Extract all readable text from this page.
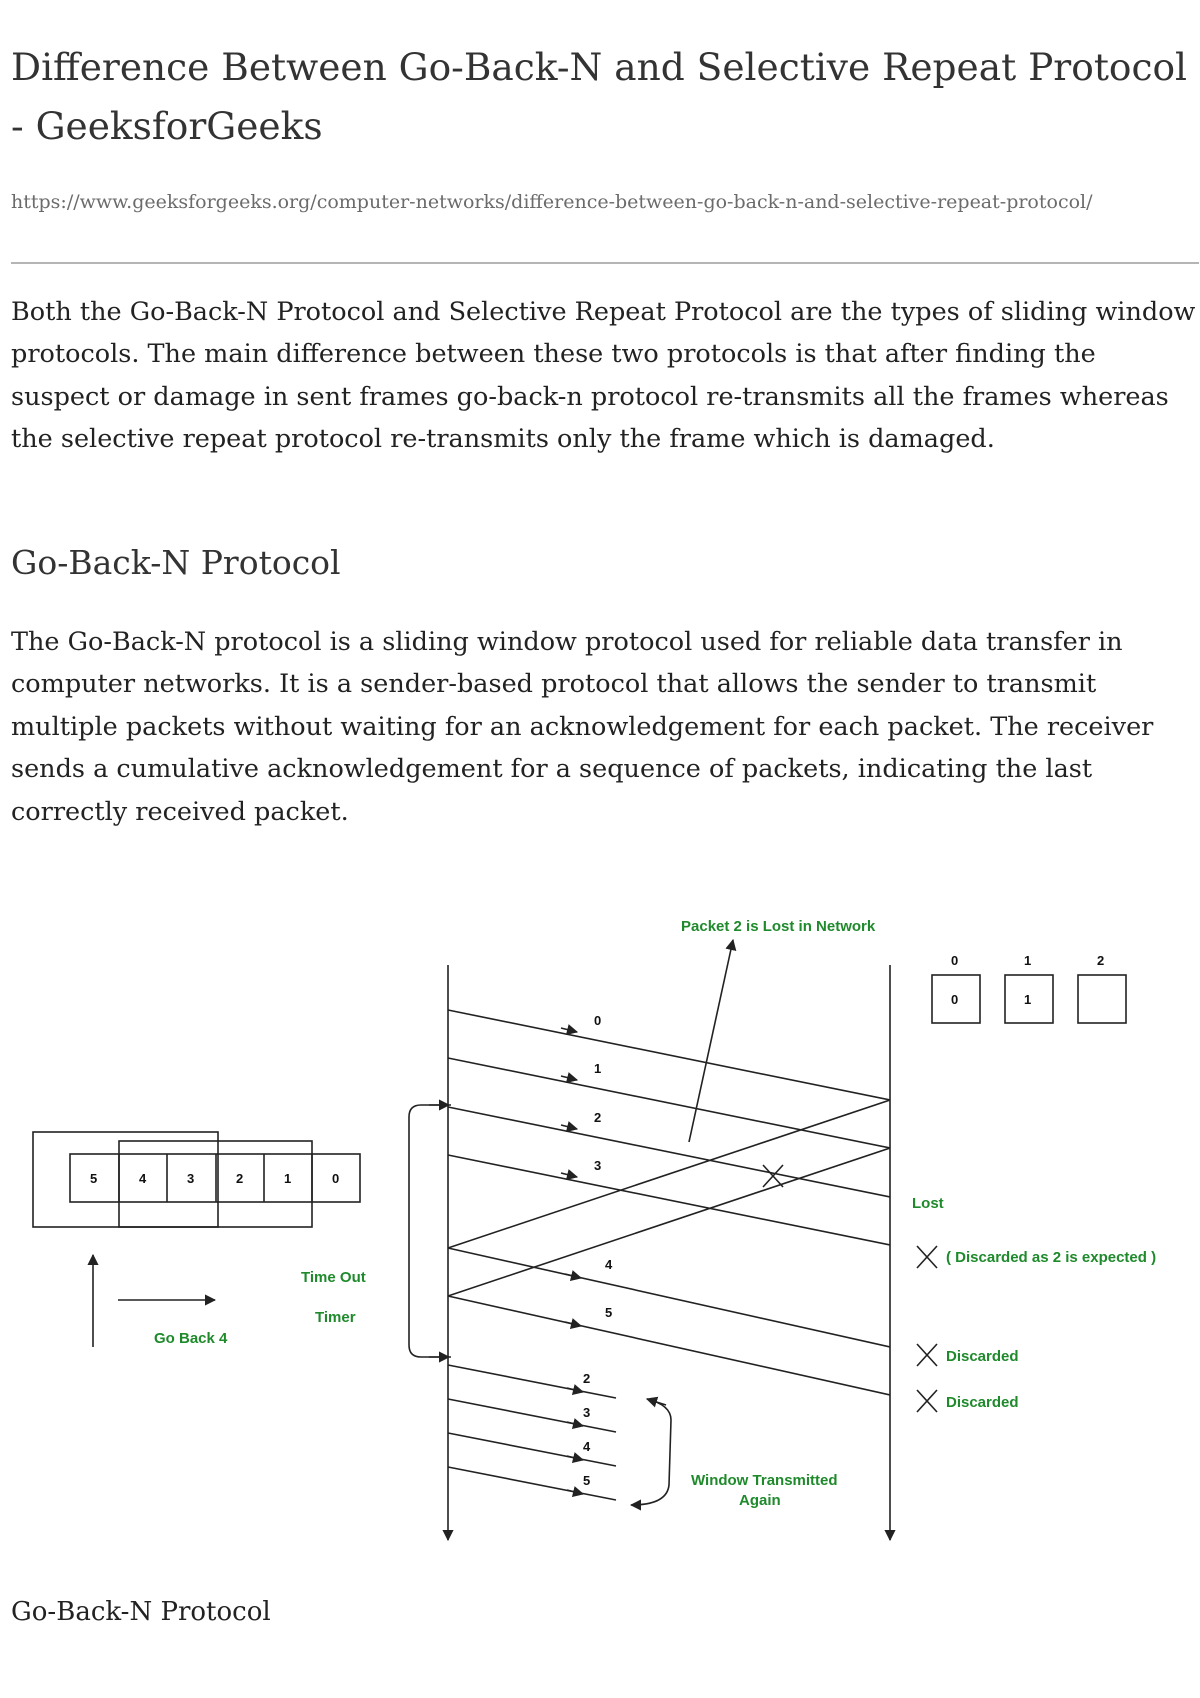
Difference Between Go-Back-N and Selective Repeat Protocol - GeeksforGeeks
https://www.geeksforgeeks.org/computer-networks/difference-between-go-back-n-and-selective-repeat-protocol/

Both the Go-Back-N Protocol and Selective Repeat Protocol are the types of sliding window protocols. The main difference between these two protocols is that after finding the suspect or damage in sent frames go-back-n protocol re-transmits all the frames whereas the selective repeat protocol re-transmits only the frame which is damaged.

Go-Back-N Protocol

The Go-Back-N protocol is a sliding window protocol used for reliable data transfer in computer networks. It is a sender-based protocol that allows the sender to transmit multiple packets without waiting for an acknowledgement for each packet. The receiver sends a cumulative acknowledgement for a sequence of packets, indicating the last correctly received packet.

Packet 2 is Lost in Network
Lost
( Discarded as 2 is expected )
Discarded
Discarded
Time Out
Timer
Go Back 4
Window Transmitted
Again
0	1	2
0	1
5	4	3	2	1	0
0
1
2
3
4
5
2
3
4
5
Go-Back-N Protocol
